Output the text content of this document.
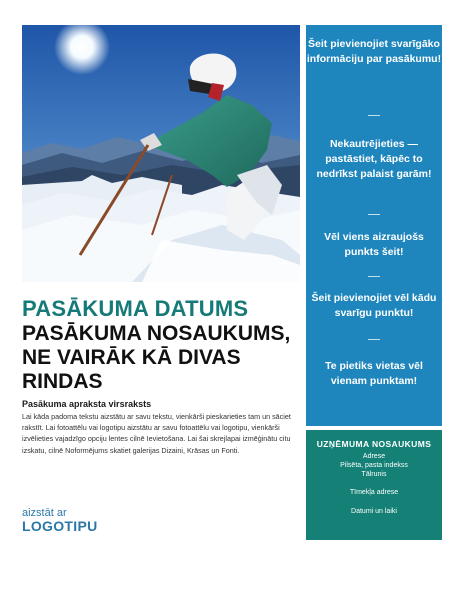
PASĀKUMA DATUMS
PASĀKUMA NOSAUKUMS,
NE VAIRĀK KĀ DIVAS
RINDAS
Pasākuma apraksta virsraksts
Lai kāda padoma tekstu aizstātu ar savu tekstu, vienkārši pieskarieties tam un sāciet rakstīt. Lai fotoattēlu vai logotipu aizstātu ar savu fotoattēlu vai logotipu, vienkārši izvēlieties vajadzīgo opciju lentes cilnē Ievietošana. Lai šai skrejlapai izmēģinātu citu izskatu, cilnē Noformējums skatiet galerijas Dizaini, Krāsas un Fonti.
aizstāt ar
LOGOTIPU
Šeit pievienojiet svarīgāko informāciju par pasākumu!
Nekautrējieties — pastāstiet, kāpēc to nedrīkst palaist garām!
Vēl viens aizraujošs punkts šeit!
Šeit pievienojiet vēl kādu svarīgu punktu!
Te pietiks vietas vēl vienam punktam!
UZŅĒMUMA NOSAUKUMS
Adrese
Pilsēta, pasta indekss
Tālrunis
Tīmekļa adrese
Datumi un laiki
